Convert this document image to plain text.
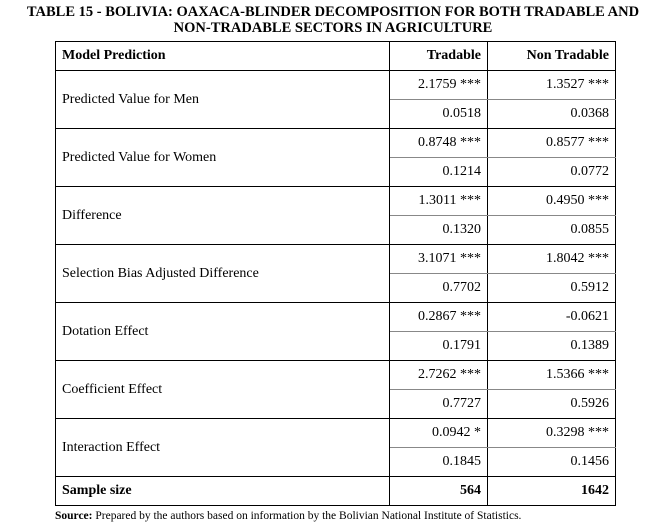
TABLE 15 - BOLIVIA: OAXACA-BLINDER DECOMPOSITION FOR BOTH TRADABLE AND
NON-TRADABLE SECTORS IN AGRICULTURE
Model Prediction	Tradable	Non Tradable
Predicted Value for Men	2.1759 ***	1.3527 ***
	0.0518	0.0368
Predicted Value for Women	0.8748 ***	0.8577 ***
	0.1214	0.0772
Difference	1.3011 ***	0.4950 ***
	0.1320	0.0855
Selection Bias Adjusted Difference	3.1071 ***	1.8042 ***
	0.7702	0.5912
Dotation Effect	0.2867 ***	-0.0621
	0.1791	0.1389
Coefficient Effect	2.7262 ***	1.5366 ***
	0.7727	0.5926
Interaction Effect	0.0942 *	0.3298 ***
	0.1845	0.1456
Sample size	564	1642
Source: Prepared by the authors based on information by the Bolivian National Institute of Statistics.
